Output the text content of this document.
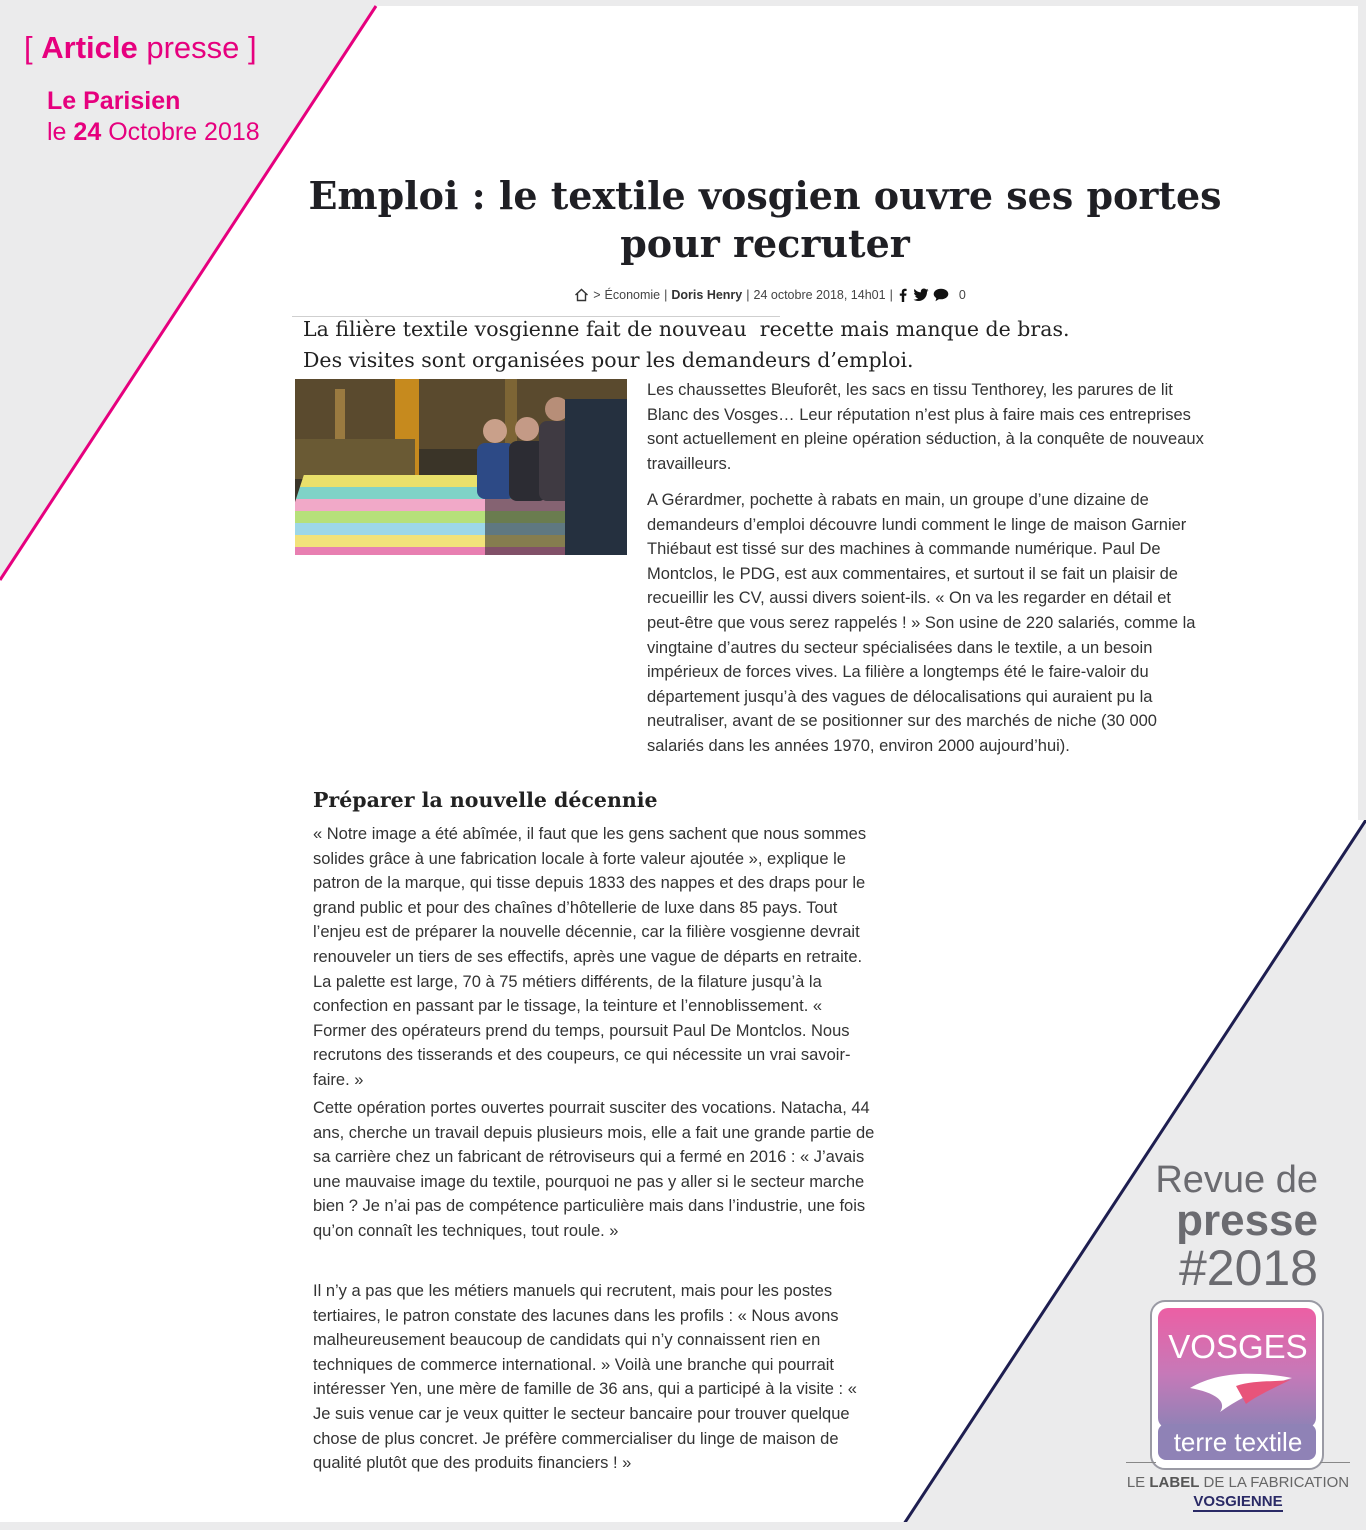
[ Article presse ]
Le Parisien
le 24 Octobre 2018
Emploi : le textile vosgien ouvre ses portes
pour recruter
> Économie | Doris Henry | 24 octobre 2018, 14h01 |	0
La filière textile vosgienne fait de nouveau  recette mais manque de bras.
Des visites sont organisées pour les demandeurs d’emploi.
Les chaussettes Bleuforêt, les sacs en tissu Tenthorey, les parures de lit Blanc des Vosges… Leur réputation n’est plus à faire mais ces entreprises sont actuellement en pleine opération séduction, à la conquête de nouveaux travailleurs.
A Gérardmer, pochette à rabats en main, un groupe d’une dizaine de demandeurs d’emploi découvre lundi comment le linge de maison Garnier Thiébaut est tissé sur des machines à commande numérique. Paul De Montclos, le PDG, est aux commentaires, et surtout il se fait un plaisir de recueillir les CV, aussi divers soient-ils. « On va les regarder en détail et peut-être que vous serez rappelés ! » Son usine de 220 salariés, comme la vingtaine d’autres du secteur spécialisées dans le textile, a un besoin impérieux de forces vives. La filière a longtemps été le faire-valoir du département jusqu’à des vagues de délocalisations qui auraient pu la neutraliser, avant de se positionner sur des marchés de niche (30 000 salariés dans les années 1970, environ 2000 aujourd’hui).
Préparer la nouvelle décennie
« Notre image a été abîmée, il faut que les gens sachent que nous sommes solides grâce à une fabrication locale à forte valeur ajoutée », explique le patron de la marque, qui tisse depuis 1833 des nappes et des draps pour le grand public et pour des chaînes d’hôtellerie de luxe dans 85 pays. Tout l’enjeu est de préparer la nouvelle décennie, car la filière vosgienne devrait renouveler un tiers de ses effectifs, après une vague de départs en retraite. La palette est large, 70 à 75 métiers différents, de la filature jusqu’à la confection en passant par le tissage, la teinture et l’ennoblissement. « Former des opérateurs prend du temps, poursuit Paul De Montclos. Nous recrutons des tisserands et des coupeurs, ce qui nécessite un vrai savoir-faire. »
Cette opération portes ouvertes pourrait susciter des vocations. Natacha, 44 ans, cherche un travail depuis plusieurs mois, elle a fait une grande partie de sa carrière chez un fabricant de rétroviseurs qui a fermé en 2016 : « J’avais une mauvaise image du textile, pourquoi ne pas y aller si le secteur marche bien ? Je n’ai pas de compétence particulière mais dans l’industrie, une fois qu’on connaît les techniques, tout roule. »
Il n’y a pas que les métiers manuels qui recrutent, mais pour les postes tertiaires, le patron constate des lacunes dans les profils : « Nous avons malheureusement beaucoup de candidats qui n’y connaissent rien en techniques de commerce international. » Voilà une branche qui pourrait intéresser Yen, une mère de famille de 36 ans, qui a participé à la visite : « Je suis venue car je veux quitter le secteur bancaire pour trouver quelque chose de plus concret. Je préfère commercialiser du linge de maison de qualité plutôt que des produits financiers ! »
Revue de
presse
#2018
VOSGES
terre textile
LE LABEL DE LA FABRICATION
VOSGIENNE
